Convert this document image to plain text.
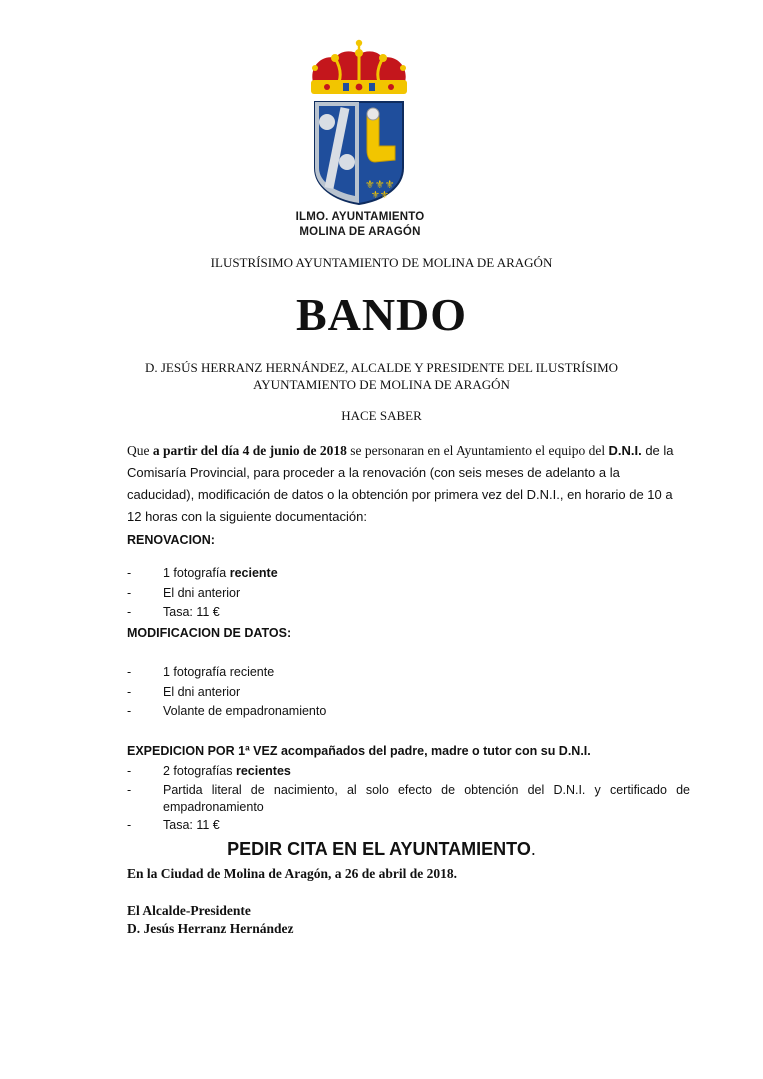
⚜⚜⚜
⚜⚜
ILMO. AYUNTAMIENTO
MOLINA DE ARAGÓN
ILUSTRÍSIMO AYUNTAMIENTO DE MOLINA DE ARAGÓN
BANDO
D. JESÚS HERRANZ HERNÁNDEZ, ALCALDE Y PRESIDENTE DEL ILUSTRÍSIMO
AYUNTAMIENTO DE MOLINA DE ARAGÓN
HACE SABER

Que a partir del día 4 de junio de 2018 se personaran en el Ayuntamiento el equipo del D.N.I. de la Comisaría Provincial, para proceder a la renovación (con seis meses de adelanto a la caducidad), modificación de datos o la obtención por primera vez del D.N.I., en horario de 10 a 12 horas con la siguiente documentación:

RENOVACION:

-	1 fotografía reciente
-	El dni anterior
-	Tasa: 11 €

MODIFICACION DE DATOS:

-	1 fotografía reciente
-	El dni anterior
-	Volante de empadronamiento

EXPEDICION POR 1ª VEZ acompañados del padre, madre o tutor con su D.N.I.

-	2 fotografías recientes
-	Partida literal de nacimiento, al solo efecto de obtención del D.N.I. y certificado de empadronamiento
-	Tasa: 11 €
PEDIR CITA EN EL AYUNTAMIENTO.
En la Ciudad de Molina de Aragón, a 26 de abril de 2018.
El Alcalde-Presidente
D. Jesús Herranz Hernández
